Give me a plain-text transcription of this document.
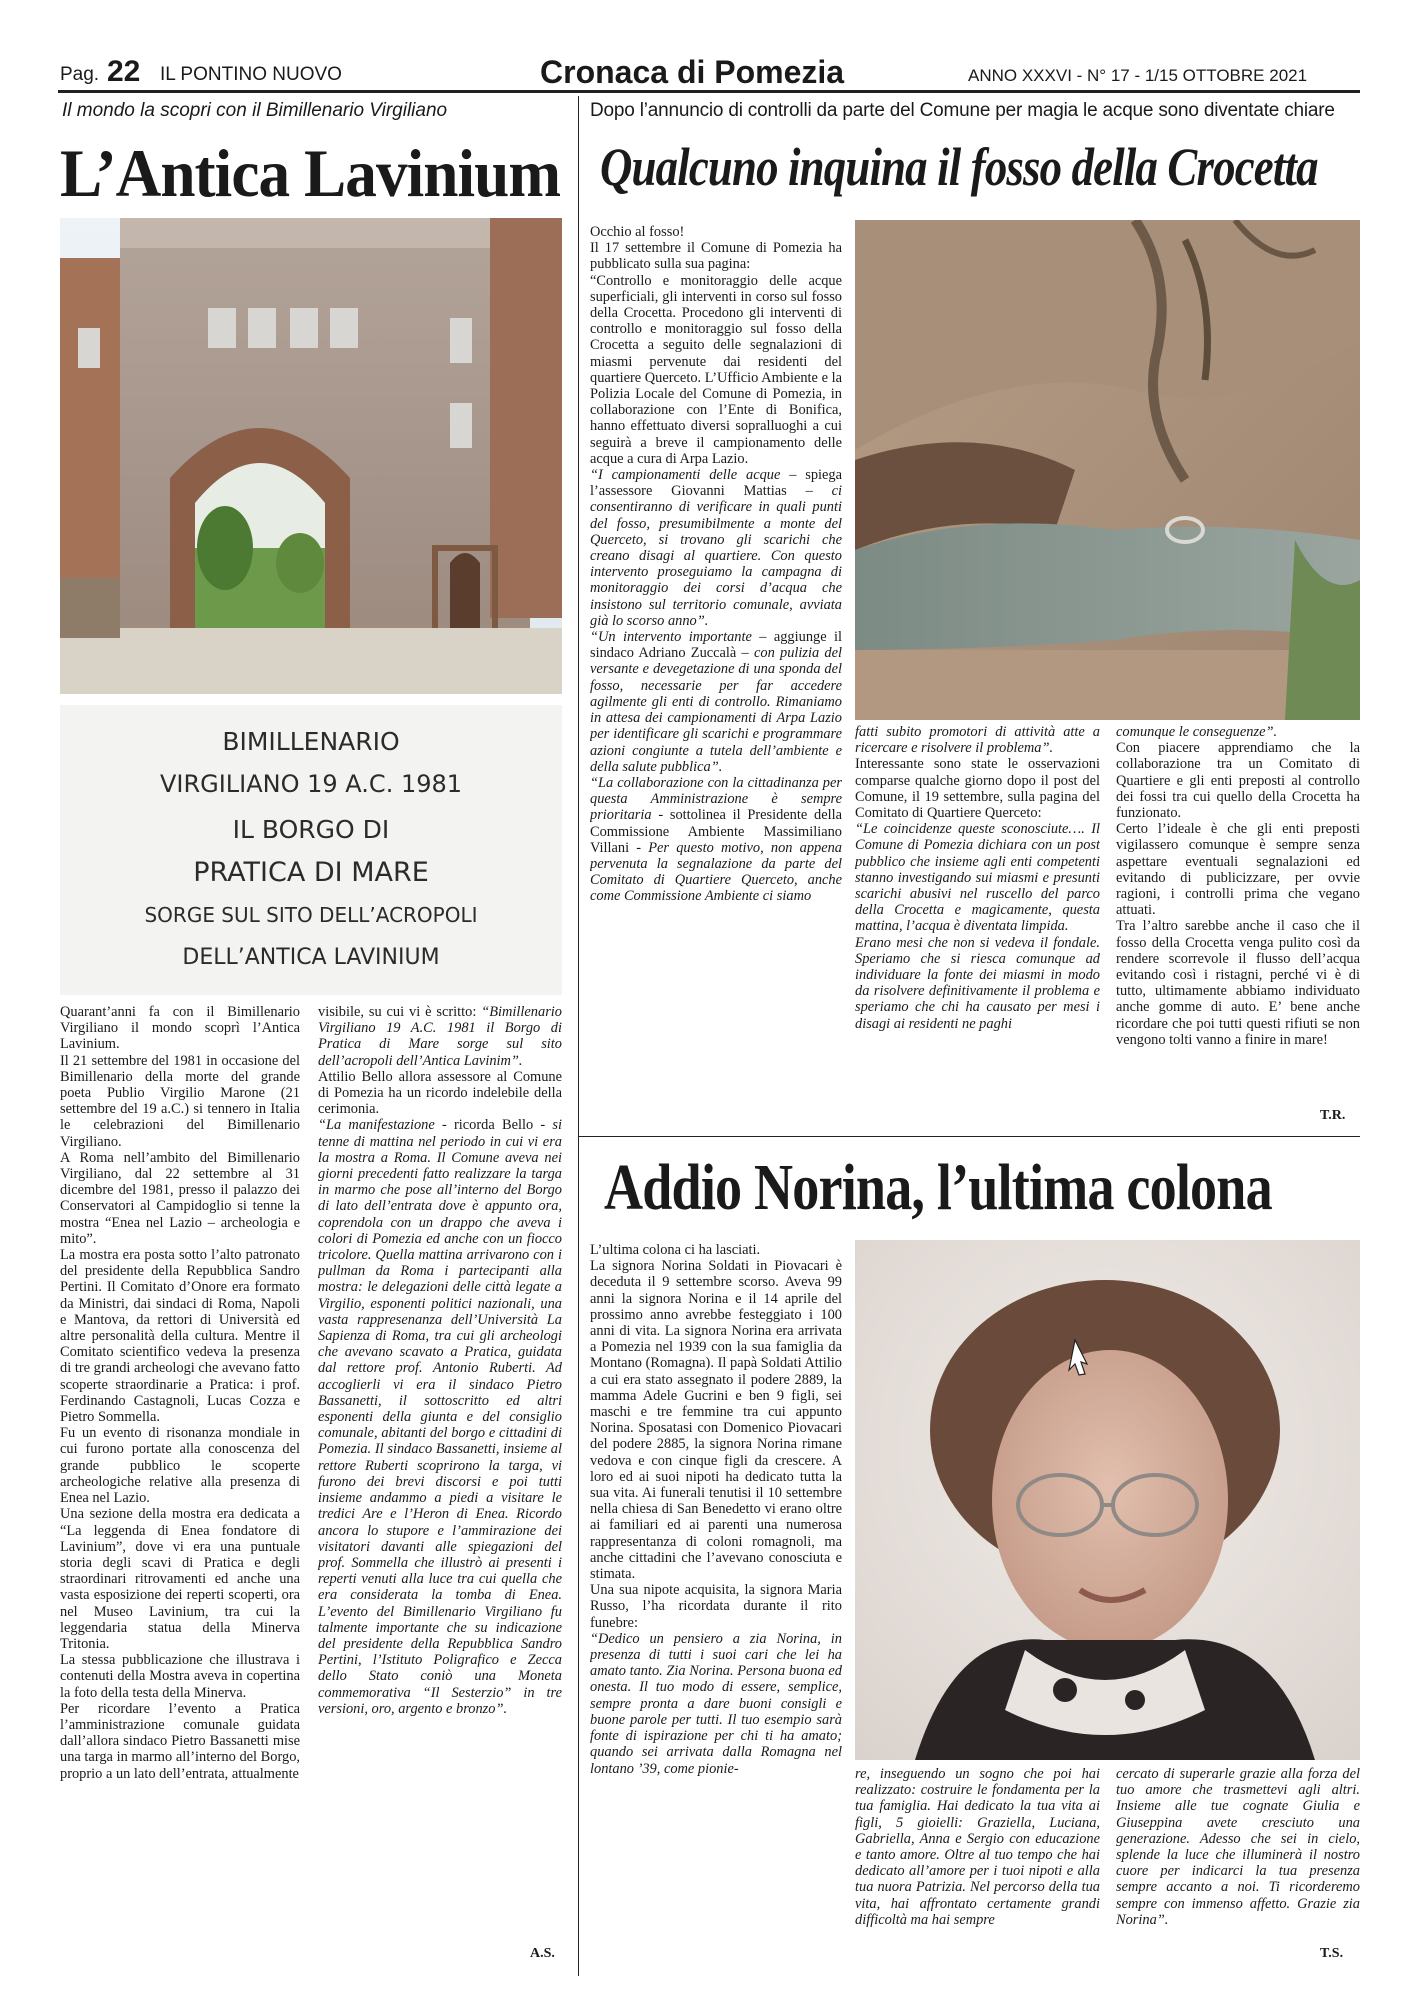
Pag. 22 IL PONTINO NUOVO	Cronaca di Pomezia	ANNO XXXVI - N° 17 - 1/15 OTTOBRE 2021
Il mondo la scopri con il Bimillenario Virgiliano
L’Antica Lavinium
BIMILLENARIO
VIRGILIANO 19 A.C. 1981
IL BORGO DI
PRATICA DI MARE
SORGE SUL SITO DELL’ACROPOLI
DELL’ANTICA LAVINIUM

Quarant’anni fa con il Bimillenario Virgiliano il mondo scoprì l’Antica Lavinium.

Il 21 settembre del 1981 in occasione del Bimillenario della morte del grande poeta Publio Virgilio Marone (21 settembre del 19 a.C.) si tennero in Italia le celebrazioni del Bimillenario Virgiliano.

A Roma nell’ambito del Bimillenario Virgiliano, dal 22 settembre al 31 dicembre del 1981, presso il palazzo dei Conservatori al Campidoglio si tenne la mostra “Enea nel Lazio – archeologia e mito”.

La mostra era posta sotto l’alto patronato del presidente della Repubblica Sandro Pertini. Il Comitato d’Onore era formato da Ministri, dai sindaci di Roma, Napoli e Mantova, da rettori di Università ed altre personalità della cultura. Mentre il Comitato scientifico vedeva la presenza di tre grandi archeologi che avevano fatto scoperte straordinarie a Pratica: i prof. Ferdinando Castagnoli, Lucas Cozza e Pietro Sommella.

Fu un evento di risonanza mondiale in cui furono portate alla conoscenza del grande pubblico le scoperte archeologiche relative alla presenza di Enea nel Lazio.

Una sezione della mostra era dedicata a “La leggenda di Enea fondatore di Lavinium”, dove vi era una puntuale storia degli scavi di Pratica e degli straordinari ritrovamenti ed anche una vasta esposizione dei reperti scoperti, ora nel Museo Lavinium, tra cui la leggendaria statua della Minerva Tritonia.

La stessa pubblicazione che illustrava i contenuti della Mostra aveva in copertina la foto della testa della Minerva.

Per ricordare l’evento a Pratica l’amministrazione comunale guidata dall’allora sindaco Pietro Bassanetti mise una targa in marmo all’interno del Borgo, proprio a un lato dell’entrata, attualmente

visibile, su cui vi è scritto: “Bimillenario Virgiliano 19 A.C. 1981 il Borgo di Pratica di Mare sorge sul sito dell’acropoli dell’Antica Lavinim”.

Attilio Bello allora assessore al Comune di Pomezia ha un ricordo indelebile della cerimonia.

“La manifestazione - ricorda Bello - si tenne di mattina nel periodo in cui vi era la mostra a Roma. Il Comune aveva nei giorni precedenti fatto realizzare la targa in marmo che pose all’interno del Borgo di lato dell’entrata dove è appunto ora, coprendola con un drappo che aveva i colori di Pomezia ed anche con un fiocco tricolore. Quella mattina arrivarono con i pullman da Roma i partecipanti alla mostra: le delegazioni delle città legate a Virgilio, esponenti politici nazionali, una vasta rappresenanza dell’Università La Sapienza di Roma, tra cui gli archeologi che avevano scavato a Pratica, guidata dal rettore prof. Antonio Ruberti. Ad accoglierli vi era il sindaco Pietro Bassanetti, il sottoscritto ed altri esponenti della giunta e del consiglio comunale, abitanti del borgo e cittadini di Pomezia. Il sindaco Bassanetti, insieme al rettore Ruberti scoprirono la targa, vi furono dei brevi discorsi e poi tutti insieme andammo a piedi a visitare le tredici Are e l’Heron di Enea. Ricordo ancora lo stupore e l’ammirazione dei visitatori davanti alle spiegazioni del prof. Sommella che illustrò ai presenti i reperti venuti alla luce tra cui quella che era considerata la tomba di Enea. L’evento del Bimillenario Virgiliano fu talmente importante che su indicazione del presidente della Repubblica Sandro Pertini, l’Istituto Poligrafico e Zecca dello Stato coniò una Moneta commemorativa “Il Sesterzio” in tre versioni, oro, argento e bronzo”.

A.S.
Dopo l’annuncio di controlli da parte del Comune per magia le acque sono diventate chiare
Qualcuno inquina il fosso della Crocetta

Occhio al fosso!

Il 17 settembre il Comune di Pomezia ha pubblicato sulla sua pagina:

“Controllo e monitoraggio delle acque superficiali, gli interventi in corso sul fosso della Crocetta. Procedono gli interventi di controllo e monitoraggio sul fosso della Crocetta a seguito delle segnalazioni di miasmi pervenute dai residenti del quartiere Querceto. L’Ufficio Ambiente e la Polizia Locale del Comune di Pomezia, in collaborazione con l’Ente di Bonifica, hanno effettuato diversi sopralluoghi a cui seguirà a breve il campionamento delle acque a cura di Arpa Lazio.

“I campionamenti delle acque – spiega l’assessore Giovanni Mattias – ci consentiranno di verificare in quali punti del fosso, presumibilmente a monte del Querceto, si trovano gli scarichi che creano disagi al quartiere. Con questo intervento proseguiamo la campagna di monitoraggio dei corsi d’acqua che insistono sul territorio comunale, avviata già lo scorso anno”.

“Un intervento importante – aggiunge il sindaco Adriano Zuccalà – con pulizia del versante e devegetazione di una sponda del fosso, necessarie per far accedere agilmente gli enti di controllo. Rimaniamo in attesa dei campionamenti di Arpa Lazio per identificare gli scarichi e programmare azioni congiunte a tutela dell’ambiente e della salute pubblica”.

“La collaborazione con la cittadinanza per questa Amministrazione è sempre prioritaria - sottolinea il Presidente della Commissione Ambiente Massimiliano Villani - Per questo motivo, non appena pervenuta la segnalazione da parte del Comitato di Quartiere Querceto, anche come Commissione Ambiente ci siamo

fatti subito promotori di attività atte a ricercare e risolvere il problema”.

Interessante sono state le osservazioni comparse qualche giorno dopo il post del Comune, il 19 settembre, sulla pagina del Comitato di Quartiere Querceto:

“Le coincidenze queste sconosciute…. Il Comune di Pomezia dichiara con un post pubblico che insieme agli enti competenti stanno investigando sui miasmi e presunti scarichi abusivi nel ruscello del parco della Crocetta e magicamente, questa mattina, l’acqua è diventata limpida.

Erano mesi che non si vedeva il fondale. Speriamo che si riesca comunque ad individuare la fonte dei miasmi in modo da risolvere definitivamente il problema e speriamo che chi ha causato per mesi i disagi ai residenti ne paghi

comunque le conseguenze”.

Con piacere apprendiamo che la collaborazione tra un Comitato di Quartiere e gli enti preposti al controllo dei fossi tra cui quello della Crocetta ha funzionato.

Certo l’ideale è che gli enti preposti vigilassero comunque è sempre senza aspettare eventuali segnalazioni ed evitando di publicizzare, per ovvie ragioni, i controlli prima che vegano attuati.

Tra l’altro sarebbe anche il caso che il fosso della Crocetta venga pulito così da rendere scorrevole il flusso dell’acqua evitando così i ristagni, perché vi è di tutto, ultimamente abbiamo individuato anche gomme di auto. E’ bene anche ricordare che poi tutti questi rifiuti se non vengono tolti vanno a finire in mare!

T.R.
Addio Norina, l’ultima colona

L’ultima colona ci ha lasciati.

La signora Norina Soldati in Piovacari è deceduta il 9 settembre scorso. Aveva 99 anni la signora Norina e il 14 aprile del prossimo anno avrebbe festeggiato i 100 anni di vita. La signora Norina era arrivata a Pomezia nel 1939 con la sua famiglia da Montano (Romagna). Il papà Soldati Attilio a cui era stato assegnato il podere 2889, la mamma Adele Gucrini e ben 9 figli, sei maschi e tre femmine tra cui appunto Norina. Sposatasi con Domenico Piovacari del podere 2885, la signora Norina rimane vedova e con cinque figli da crescere. A loro ed ai suoi nipoti ha dedicato tutta la sua vita. Ai funerali tenutisi il 10 settembre nella chiesa di San Benedetto vi erano oltre ai familiari ed ai parenti una numerosa rappresentanza di coloni romagnoli, ma anche cittadini che l’avevano conosciuta e stimata.

Una sua nipote acquisita, la signora Maria Russo, l’ha ricordata durante il rito funebre:

“Dedico un pensiero a zia Norina, in presenza di tutti i suoi cari che lei ha amato tanto. Zia Norina. Persona buona ed onesta. Il tuo modo di essere, semplice, sempre pronta a dare buoni consigli e buone parole per tutti. Il tuo esempio sarà fonte di ispirazione per chi ti ha amato; quando sei arrivata dalla Romagna nel lontano ’39, come pionie-	re, inseguendo un sogno che poi hai realizzato: costruire le fondamenta per la tua famiglia. Hai dedicato la tua vita ai figli, 5 gioielli: Graziella, Luciana, Gabriella, Anna e Sergio con educazione e tanto amore. Oltre al tuo tempo che hai dedicato all’amore per i tuoi nipoti e alla tua nuora Patrizia. Nel percorso della tua vita, hai affrontato certamente grandi difficoltà ma hai sempre

cercato di superarle grazie alla forza del tuo amore che trasmettevi agli altri. Insieme alle tue cognate Giulia e Giuseppina avete cresciuto una generazione. Adesso che sei in cielo, splende la luce che illuminerà il nostro cuore per indicarci la tua presenza sempre accanto a noi. Ti ricorderemo sempre con immenso affetto. Grazie zia Norina”.

T.S.
